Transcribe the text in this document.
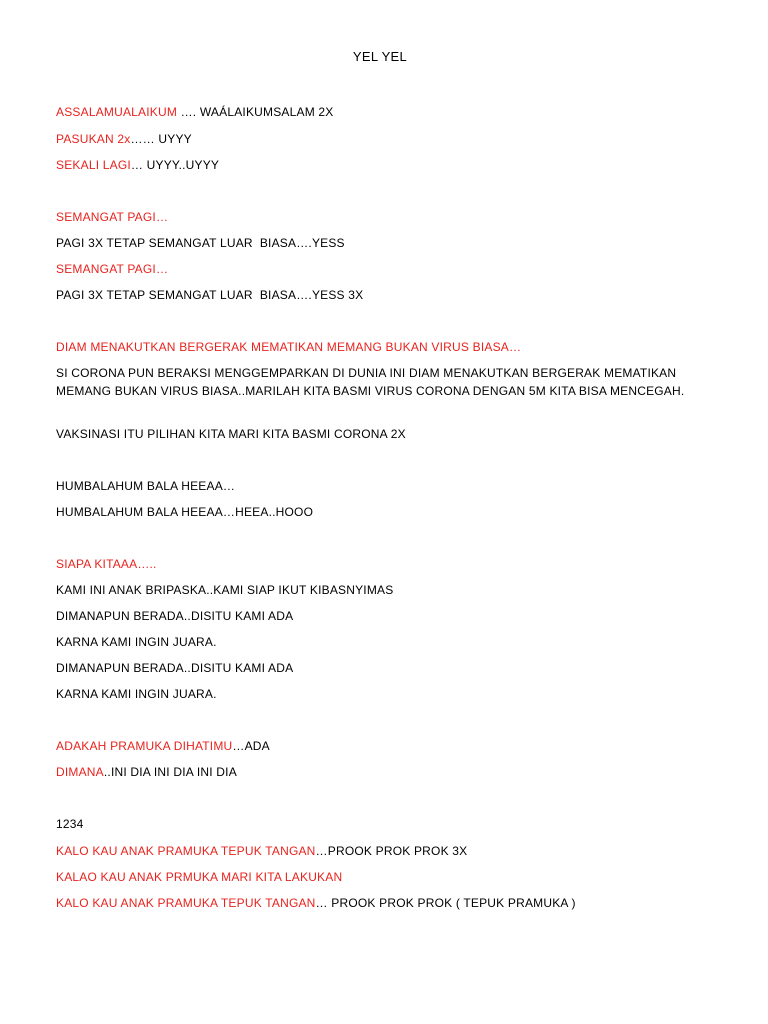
YEL YEL
ASSALAMUALAIKUM …. WAÁLAIKUMSALAM 2X
PASUKAN 2x…… UYYY
SEKALI LAGI… UYYY..UYYY
SEMANGAT PAGI…
PAGI 3X TETAP SEMANGAT LUAR  BIASA….YESS
SEMANGAT PAGI…
PAGI 3X TETAP SEMANGAT LUAR  BIASA….YESS 3X
DIAM MENAKUTKAN BERGERAK MEMATIKAN MEMANG BUKAN VIRUS BIASA…
SI CORONA PUN BERAKSI MENGGEMPARKAN DI DUNIA INI DIAM MENAKUTKAN BERGERAK MEMATIKAN MEMANG BUKAN VIRUS BIASA..MARILAH KITA BASMI VIRUS CORONA DENGAN 5M KITA BISA MENCEGAH.
VAKSINASI ITU PILIHAN KITA MARI KITA BASMI CORONA 2X
HUMBALAHUM BALA HEEAA…
HUMBALAHUM BALA HEEAA…HEEA..HOOO
SIAPA KITAAA…..
KAMI INI ANAK BRIPASKA..KAMI SIAP IKUT KIBASNYIMAS
DIMANAPUN BERADA..DISITU KAMI ADA
KARNA KAMI INGIN JUARA.
DIMANAPUN BERADA..DISITU KAMI ADA
KARNA KAMI INGIN JUARA.
ADAKAH PRAMUKA DIHATIMU…ADA
DIMANA..INI DIA INI DIA INI DIA
1234
KALO KAU ANAK PRAMUKA TEPUK TANGAN…PROOK PROK PROK 3X
KALAO KAU ANAK PRMUKA MARI KITA LAKUKAN
KALO KAU ANAK PRAMUKA TEPUK TANGAN… PROOK PROK PROK ( TEPUK PRAMUKA )
